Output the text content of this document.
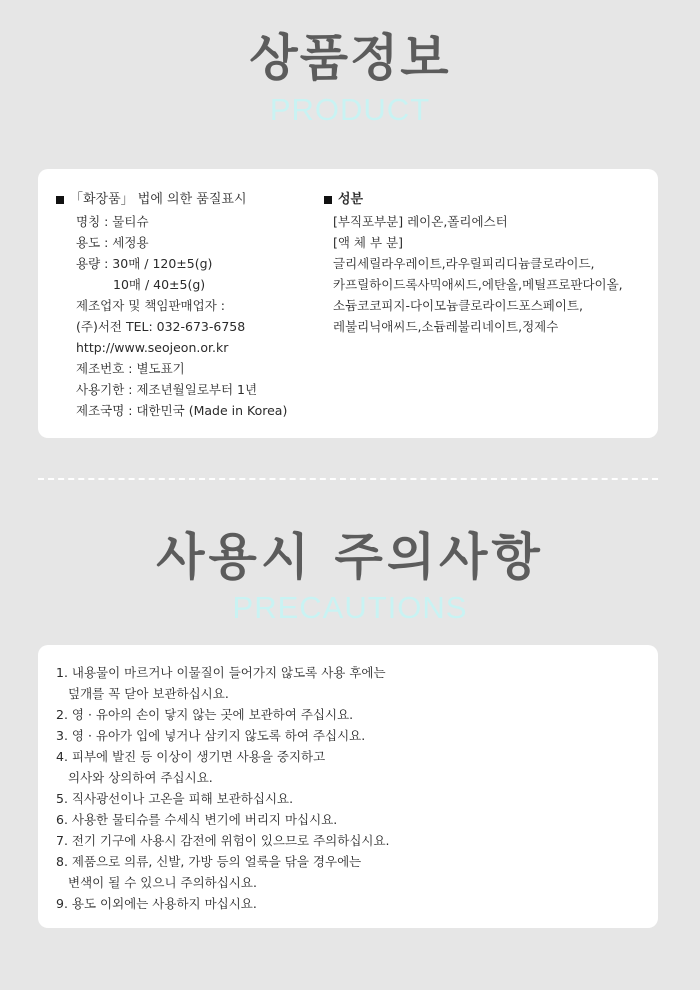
상품정보
PRODUCT
「화장품」 법에 의한 품질표시
명칭 : 물티슈
용도 : 세정용
용량 : 30매 / 120±5(g)
10매 / 40±5(g)
제조업자 및 책임판매업자 :
(주)서전 TEL: 032-673-6758
http://www.seojeon.or.kr
제조번호 : 별도표기
사용기한 : 제조년월일로부터 1년
제조국명 : 대한민국 (Made in Korea)
성분
[부직포부분] 레이온,폴리에스터
[액 체 부 분]
글리세릴라우레이트,라우릴피리디늄클로라이드,
카프릴하이드록사믹애씨드,에탄올,메틸프로판다이올,
소듐코코피지-다이모늄클로라이드포스페이트,
레불리닉애씨드,소듐레불리네이트,정제수
사용시 주의사항
PRECAUTIONS
1. 내용물이 마르거나 이물질이 들어가지 않도록 사용 후에는
덮개를 꼭 닫아 보관하십시요.
2. 영 · 유아의 손이 닿지 않는 곳에 보관하여 주십시요.
3. 영 · 유아가 입에 넣거나 삼키지 않도록 하여 주십시요.
4. 피부에 발진 등 이상이 생기면 사용을 중지하고
의사와 상의하여 주십시요.
5. 직사광선이나 고온을 피해 보관하십시요.
6. 사용한 물티슈를 수세식 변기에 버리지 마십시요.
7. 전기 기구에 사용시 감전에 위험이 있으므로 주의하십시요.
8. 제품으로 의류, 신발, 가방 등의 얼룩을 닦을 경우에는
변색이 될 수 있으니 주의하십시요.
9. 용도 이외에는 사용하지 마십시요.
